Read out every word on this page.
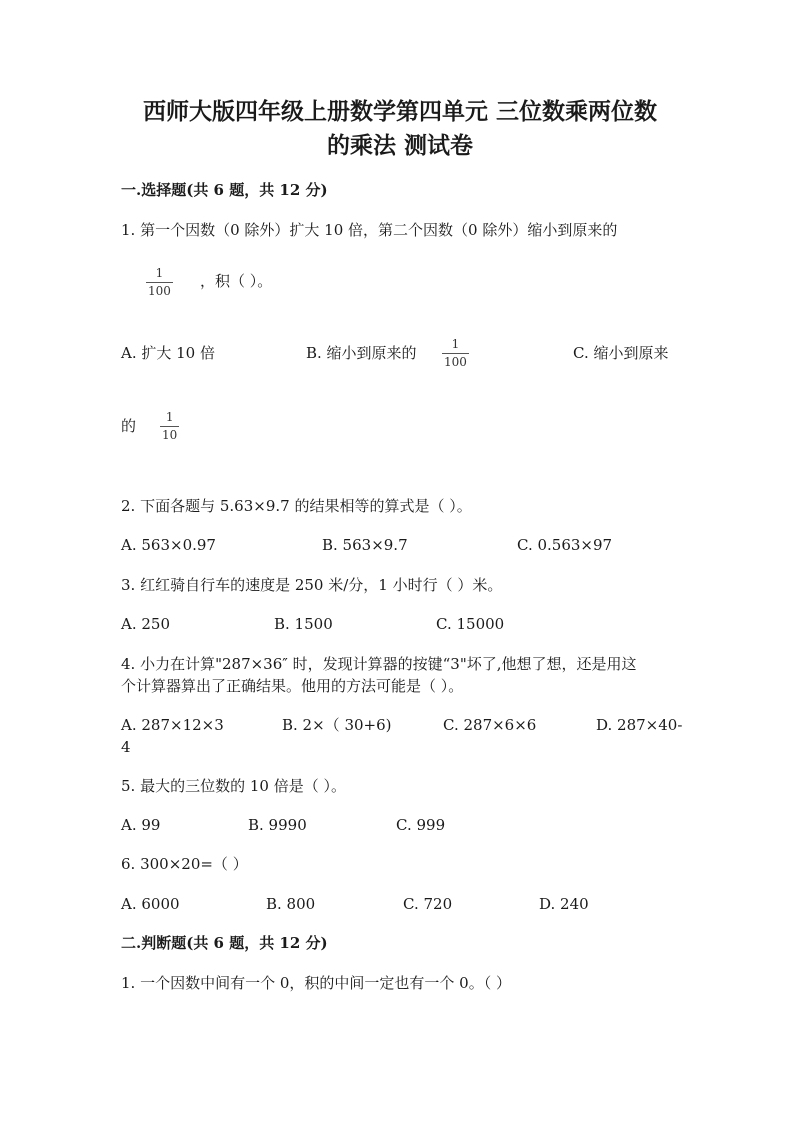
西师大版四年级上册数学第四单元 三位数乘两位数
的乘法 测试卷
一.选择题(共 6 题，共 12 分)
1. 第一个因数（0 除外）扩大 10 倍，第二个因数（0 除外）缩小到原来的
1
100
，积（ ）。
A. 扩大 10 倍	B. 缩小到原来的	1
100	C. 缩小到原来
的 1
10
2. 下面各题与 5.63×9.7 的结果相等的算式是（ ）。
A. 563×0.97	B. 563×9.7	C. 0.563×97
3. 红红骑自行车的速度是 250 米/分，1 小时行（ ）米。
A. 250	B. 1500	C. 15000
4. 小力在计算"287×36″ 时，发现计算器的按键“3"坏了,他想了想，还是用这
个计算器算出了正确结果。他用的方法可能是（ ）。
A. 287×12×3	B. 2×（ 30+6)	C. 287×6×6	D. 287×40-
4
5. 最大的三位数的 10 倍是（ ）。
A. 99	B. 9990	C. 999
6. 300×20=（ ）
A. 6000	B. 800	C. 720	D. 240
二.判断题(共 6 题，共 12 分)
1. 一个因数中间有一个 0，积的中间一定也有一个 0。（ ）
